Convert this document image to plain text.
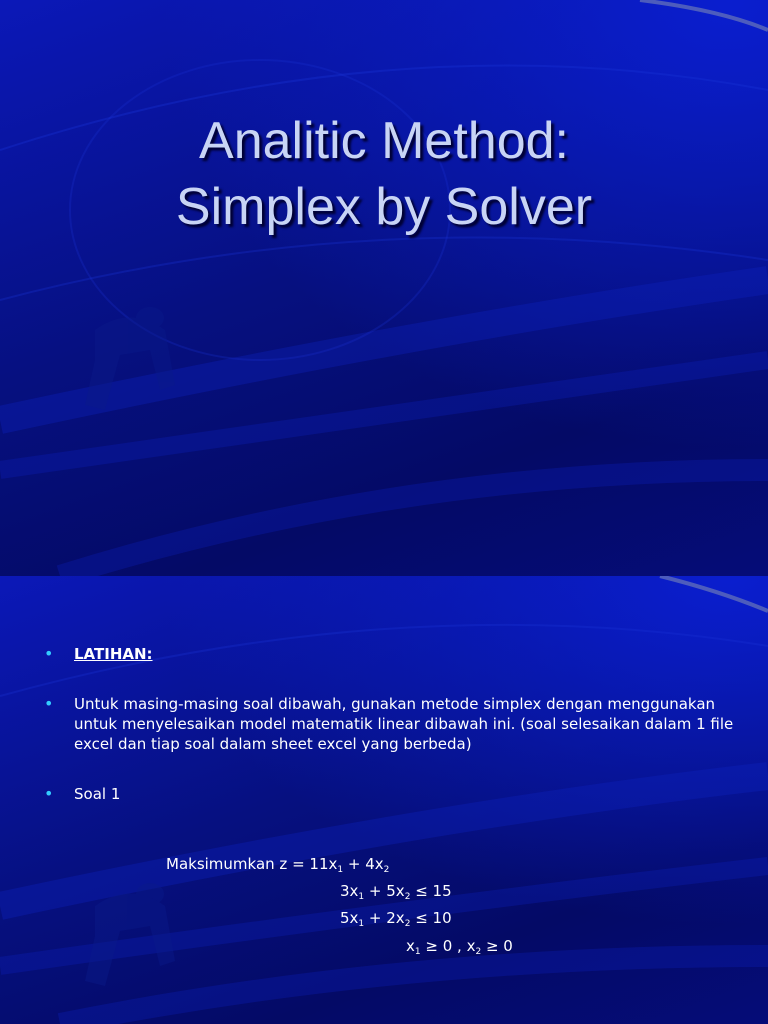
Analitic Method:
Simplex by Solver
• LATIHAN:
• Untuk masing-masing soal dibawah, gunakan metode simplex dengan menggunakan untuk menyelesaikan model matematik linear dibawah ini. (soal selesaikan dalam 1 file excel dan tiap soal dalam sheet excel yang berbeda)
• Soal 1
Maksimumkan $z = 11x_1 + 4x_2$
$3x_1 + 5x_2 \le 15$
$5x_1 + 2x_2 \le 10$
$x_1 \ge 0$ , $x_2 \ge 0$
